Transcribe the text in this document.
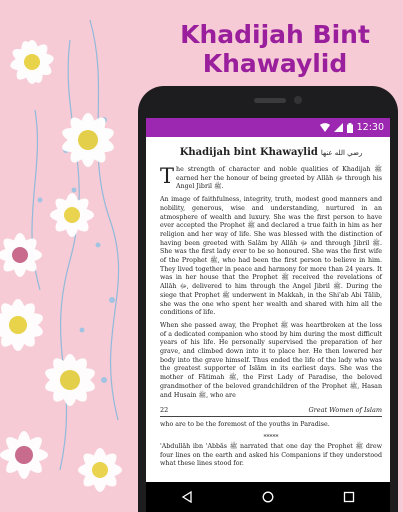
Khadijah Bint
Khawaylid
12:30
Khadijah bint Khawaylid رضي الله عنها

The strength of character and noble qualities of Khadijah ﷺ earned her the honour of being greeted by Allāh ﷻ through his Angel Jibril ﷺ.

An image of faithfulness, integrity, truth, modest good manners and nobility, generous, wise and understanding, nurtured in an atmosphere of wealth and luxury. She was the first person to have ever accepted the Prophet ﷺ and declared a true faith in him as her religion and her way of life. She was blessed with the distinction of having been greeted with Salām by Allāh ﷻ and through Jibril ﷺ. She was the first lady ever to be so honoured. She was the first wife of the Prophet ﷺ, who had been the first person to believe in him. They lived together in peace and harmony for more than 24 years. It was in her house that the Prophet ﷺ received the revelations of Allāh ﷻ, delivered to him through the Angel Jibril ﷺ. During the siege that Prophet ﷺ underwent in Makkah, in the Shi'ab Abi Tālib, she was the one who spent her wealth and shared with him all the conditions of life.

When she passed away, the Prophet ﷺ was heartbroken at the loss of a dedicated companion who stood by him during the most difficult years of his life. He personally supervised the preparation of her grave, and climbed down into it to place her. He then lowered her body into the grave himself. Thus ended the life of the lady who was the greatest supporter of Islām in its earliest days. She was the mother of Fātimah ﷺ, the First Lady of Paradise, the beloved grandmother of the beloved grandchildren of the Prophet ﷺ, Hasan and Husain ﷺ, who are

22	Great Women of Islam

who are to be the foremost of the youths in Paradise.

*****

'Abdullāh ibn 'Abbās ﷺ narrated that one day the Prophet ﷺ drew four lines on the earth and asked his Companions if they understood what these lines stood for.
